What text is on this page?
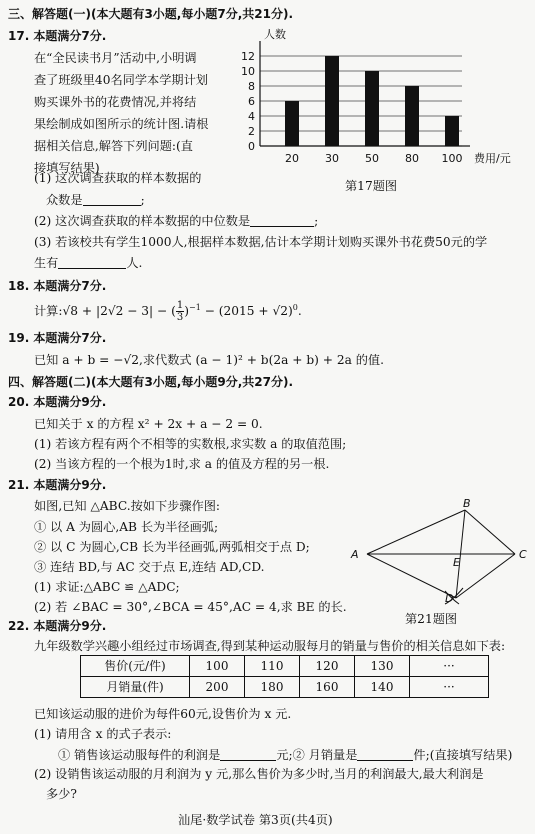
三、解答题(一)(本大题有3小题,每小题7分,共21分).
17. 本题满分7分.
在“全民读书月”活动中,小明调
查了班级里40名同学本学期计划
购买课外书的花费情况,并将结
果绘制成如图所示的统计图.请根
据相关信息,解答下列问题:(直
接填写结果)
(1) 这次调查获取的样本数据的
众数是	;
(2) 这次调查获取的样本数据的中位数是	;
(3) 若该校共有学生1000人,根据样本数据,估计本学期计划购买课外书花费50元的学
生有	人.
0
2
4
6
8
10
12
人数
20 30 50 80 100 费用/元
第17题图
18. 本题满分7分.
计算:√8 + |2√2 − 3| − ( $\frac{1}{3} )^{-1} - (2015 + √2)^0$.
19. 本题满分7分.
已知 a + b = −√2,求代数式 (a − 1)² + b(2a + b) + 2a 的值.
四、解答题(二)(本大题有3小题,每小题9分,共27分).
20. 本题满分9分.
已知关于 x 的方程 x² + 2x + a − 2 = 0.
(1) 若该方程有两个不相等的实数根,求实数 a 的取值范围;
(2) 当该方程的一个根为1时,求 a 的值及方程的另一根.
21. 本题满分9分.
如图,已知 △ABC.按如下步骤作图:
① 以 A 为圆心,AB 长为半径画弧;
② 以 C 为圆心,CB 长为半径画弧,两弧相交于点 D;
③ 连结 BD,与 AC 交于点 E,连结 AD,CD.
(1) 求证:△ABC ≌ △ADC;
(2) 若 ∠BAC = 30°,∠BCA = 45°,AC = 4,求 BE 的长.
A
B
C
D
E
第21题图
22. 本题满分9分.
九年级数学兴趣小组经过市场调查,得到某种运动服每月的销量与售价的相关信息如下表:
售价(元/件)	100	110	120	130	···
月销量(件)	200	180	160	140	···
已知该运动服的进价为每件60元,设售价为 x 元.
(1) 请用含 x 的式子表示:
① 销售该运动服每件的利润是	元;② 月销量是	件;(直接填写结果)
(2) 设销售该运动服的月利润为 y 元,那么售价为多少时,当月的利润最大,最大利润是
多少?
汕尾·数学试卷 第3页(共4页)
